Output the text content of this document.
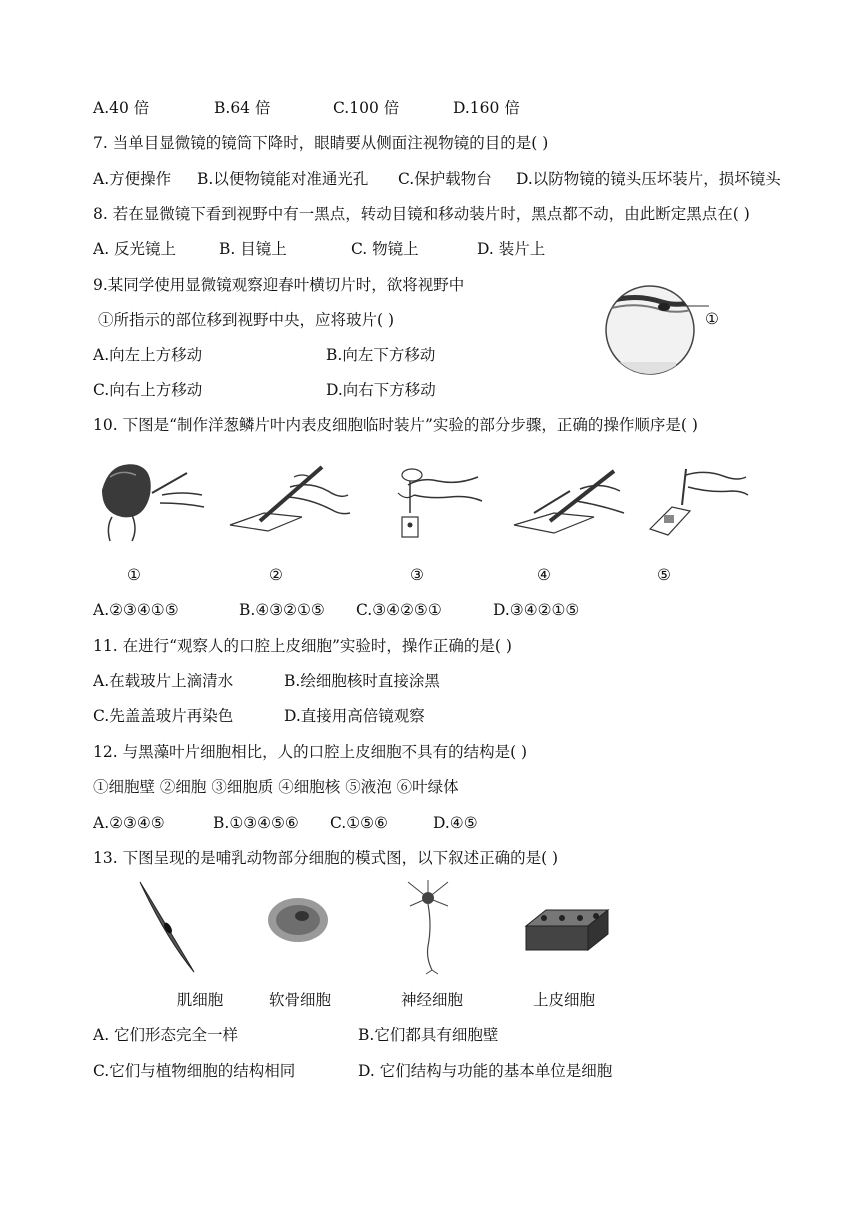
A.40 倍	B.64 倍	C.100 倍	D.160 倍
7. 当单目显微镜的镜筒下降时，眼睛要从侧面注视物镜的目的是( )
A.方便操作 B.以便物镜能对准通光孔 C.保护载物台 D.以防物镜的镜头压坏装片，损坏镜头
8. 若在显微镜下看到视野中有一黑点，转动目镜和移动装片时，黑点都不动，由此断定黑点在( )
A. 反光镜上	B. 目镜上	C. 物镜上	D. 装片上
9.某同学使用显微镜观察迎春叶横切片时，欲将视野中
①所指示的部位移到视野中央，应将玻片( )
A.向左上方移动	B.向左下方移动
C.向右上方移动	D.向右下方移动
①
10. 下图是“制作洋葱鳞片叶内表皮细胞临时装片”实验的部分步骤，正确的操作顺序是( )
①	②	③	④	⑤
A.②③④①⑤	B.④③②①⑤ C.③④②⑤①	D.③④②①⑤
11. 在进行“观察人的口腔上皮细胞”实验时，操作正确的是( )
A.在载玻片上滴清水	B.绘细胞核时直接涂黑
C.先盖盖玻片再染色	D.直接用高倍镜观察
12. 与黑藻叶片细胞相比，人的口腔上皮细胞不具有的结构是( )
①细胞壁 ②细胞 ③细胞质 ④细胞核 ⑤液泡 ⑥叶绿体
A.②③④⑤	B.①③④⑤⑥ C.①⑤⑥	D.④⑤
13. 下图呈现的是哺乳动物部分细胞的模式图，以下叙述正确的是( )
肌细胞	软骨细胞	神经细胞	上皮细胞
A. 它们形态完全一样	B.它们都具有细胞壁
C.它们与植物细胞的结构相同	D. 它们结构与功能的基本单位是细胞
